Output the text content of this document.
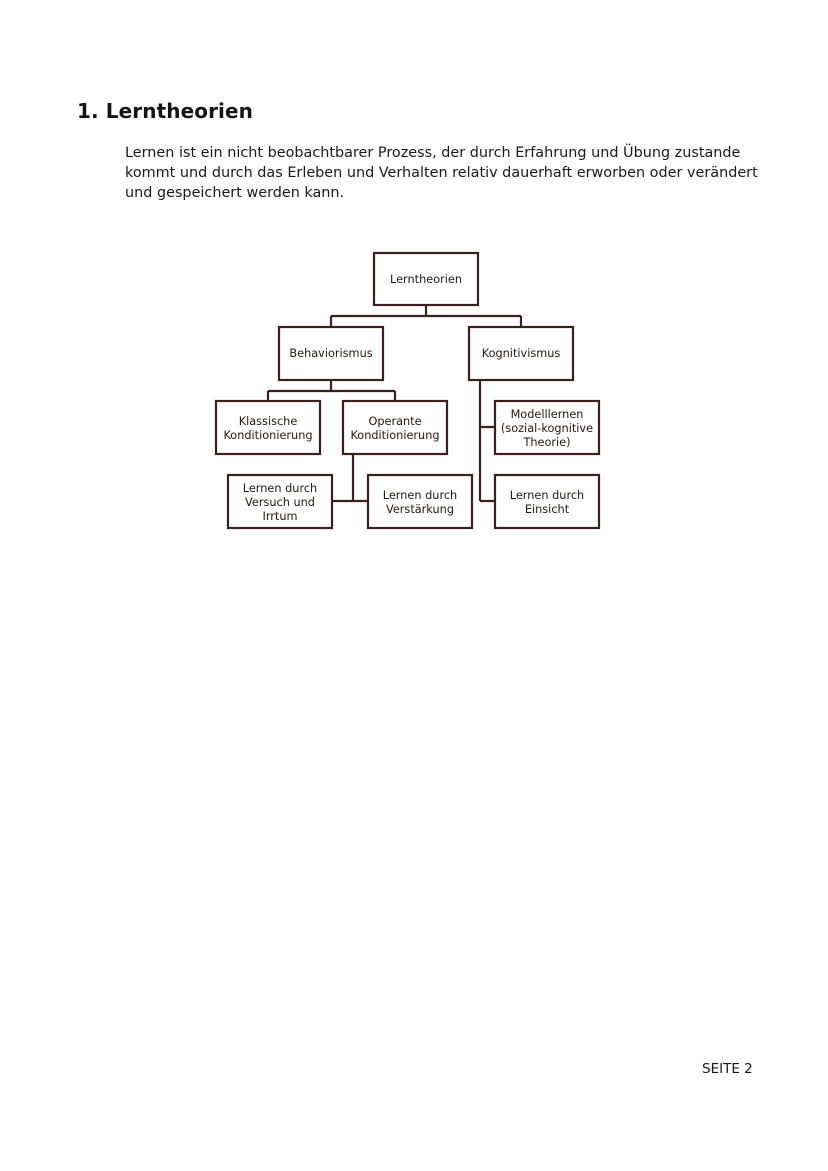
1. Lerntheorien

Lernen ist ein nicht beobachtbarer Prozess, der durch Erfahrung und Übung zustande
kommt und durch das Erleben und Verhalten relativ dauerhaft erworben oder verändert
und gespeichert werden kann.

Lerntheorien
Behaviorismus	Kognitivismus
Klassische
Konditionierung
Operante
Konditionierung
Modelllernen
(sozial-kognitive
Theorie)
Lernen durch
Versuch und
Irrtum
Lernen durch
Verstärkung
Lernen durch
Einsicht

SEITE 2
